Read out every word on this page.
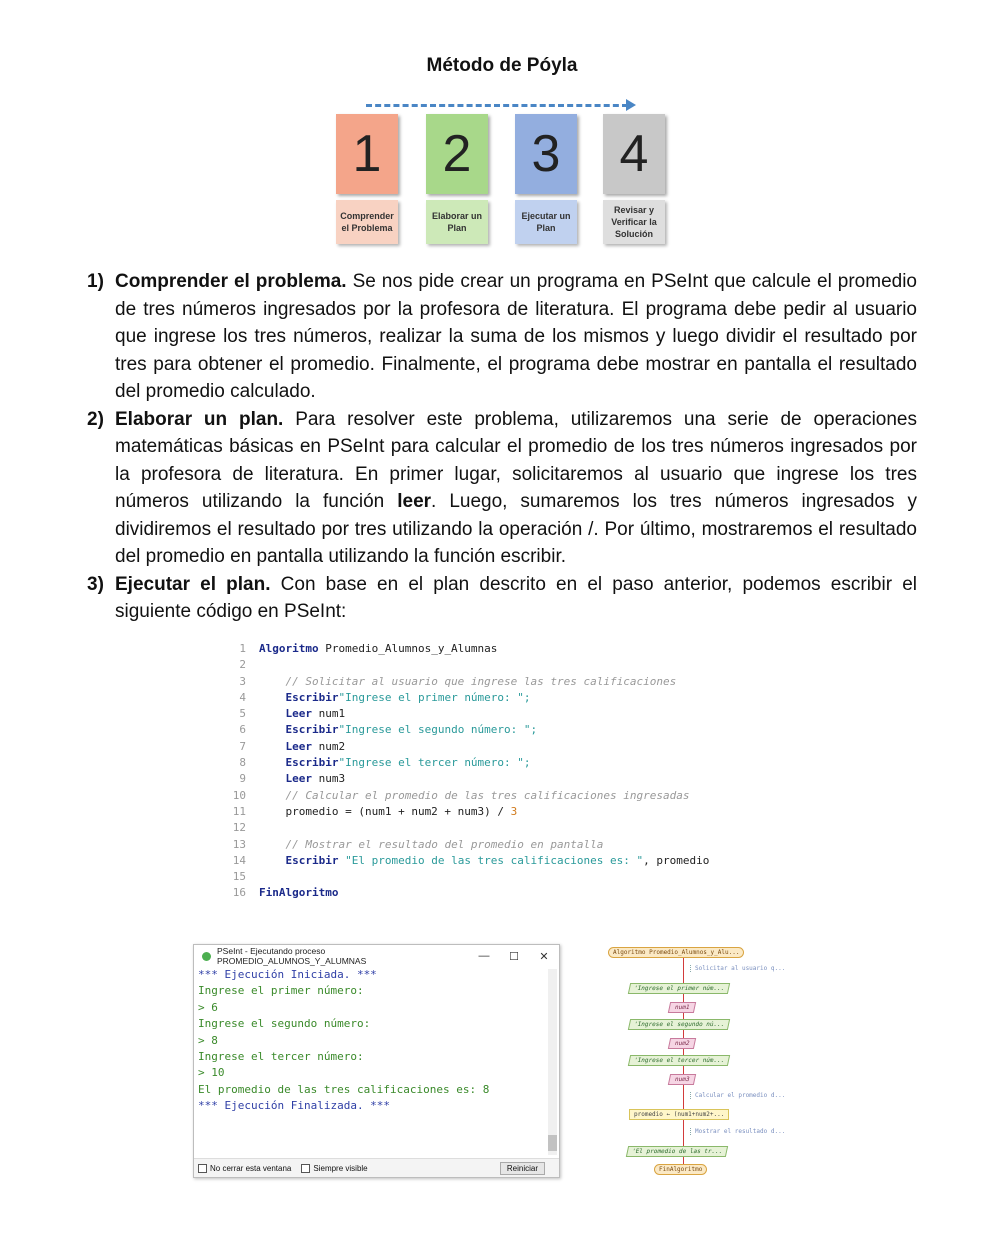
Método de Póyla
1
Comprender el Problema
2
Elaborar un Plan
3
Ejecutar un Plan
4
Revisar y Verificar la Solución
1) Comprender el problema. Se nos pide crear un programa en PSeInt que calcule el promedio de tres números ingresados por la profesora de literatura. El programa debe pedir al usuario que ingrese los tres números, realizar la suma de los mismos y luego dividir el resultado por tres para obtener el promedio. Finalmente, el programa debe mostrar en pantalla el resultado del promedio calculado.
2) Elaborar un plan. Para resolver este problema, utilizaremos una serie de operaciones matemáticas básicas en PSeInt para calcular el promedio de los tres números ingresados por la profesora de literatura. En primer lugar, solicitaremos al usuario que ingrese los tres números utilizando la función leer. Luego, sumaremos los tres números ingresados y dividiremos el resultado por tres utilizando la operación /. Por último, mostraremos el resultado del promedio en pantalla utilizando la función escribir.
3) Ejecutar el plan. Con base en el plan descrito en el paso anterior, podemos escribir el siguiente código en PSeInt:
1 Algoritmo Promedio_Alumnos_y_Alumnas
2
3	// Solicitar al usuario que ingrese las tres calificaciones
4	Escribir"Ingrese el primer número: ";
5	Leer num1
6	Escribir"Ingrese el segundo número: ";
7	Leer num2
8	Escribir"Ingrese el tercer número: ";
9	Leer num3
10	// Calcular el promedio de las tres calificaciones ingresadas
11    promedio = (num1 + num2 + num3) / 3
12
13	// Mostrar el resultado del promedio en pantalla
14	Escribir "El promedio de las tres calificaciones es: ", promedio
15
16 FinAlgoritmo
PSeInt - Ejecutando proceso PROMEDIO_ALUMNOS_Y_ALUMNAS	—	☐	✕
*** Ejecución Iniciada. ***
Ingrese el primer número:
> 6
Ingrese el segundo número:
> 8
Ingrese el tercer número:
> 10
El promedio de las tres calificaciones es: 8
*** Ejecución Finalizada. ***
No cerrar esta ventana	Siempre visible	Reiniciar
Algoritmo Promedio_Alumnos_y_Alu...
Solicitar al usuario q...
'Ingrese el primer núm...
num1
'Ingrese el segundo nú...
num2
'Ingrese el tercer núm...
num3
Calcular el promedio d...
promedio ← (num1+num2+...
Mostrar el resultado d...
'El promedio de las tr...
FinAlgoritmo
